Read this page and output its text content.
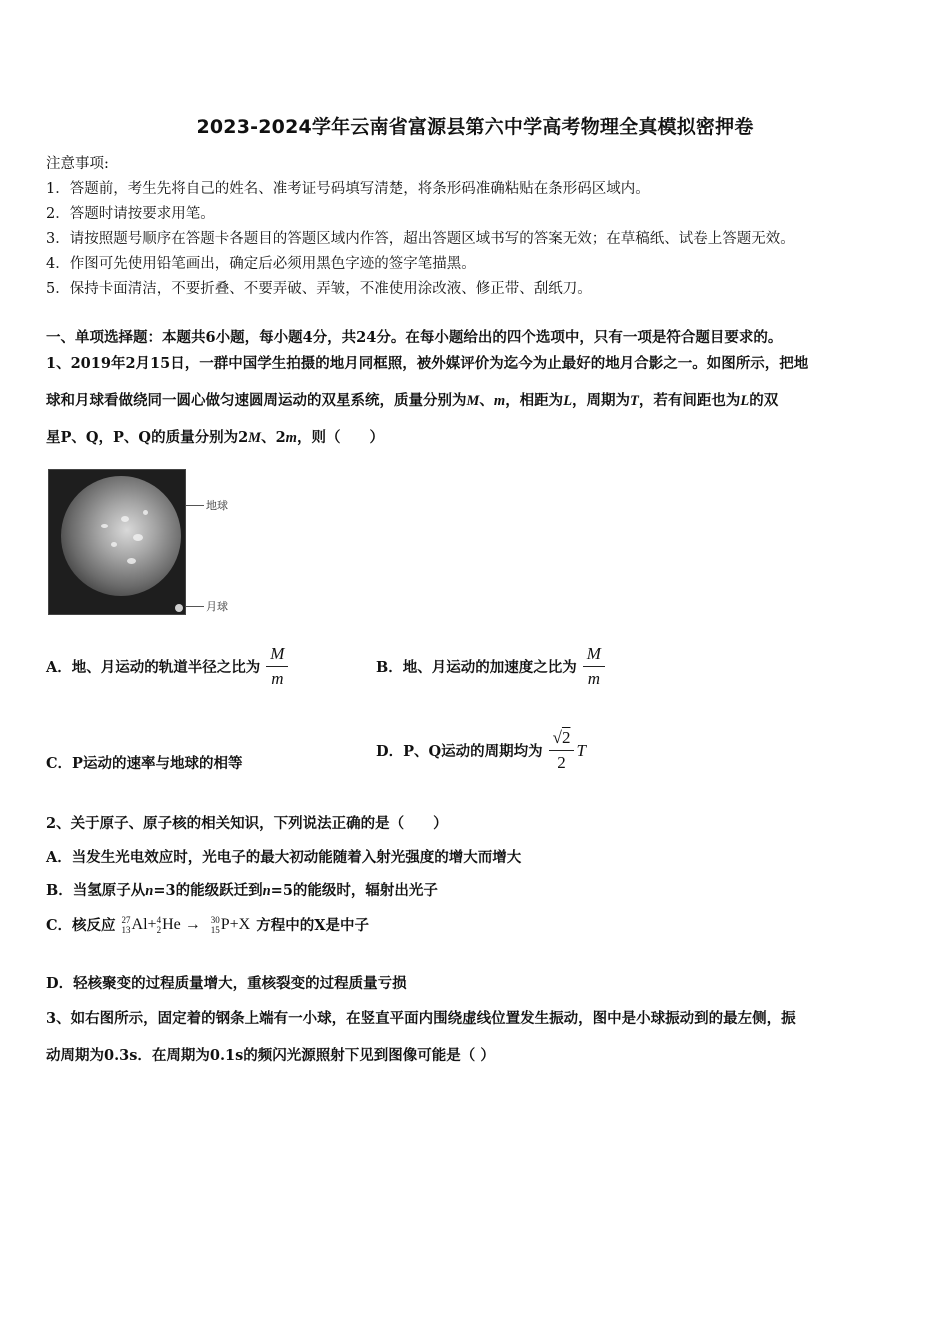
2023-2024学年云南省富源县第六中学高考物理全真模拟密押卷
注意事项:
1．答题前，考生先将自己的姓名、准考证号码填写清楚，将条形码准确粘贴在条形码区域内。
2．答题时请按要求用笔。
3．请按照题号顺序在答题卡各题目的答题区域内作答，超出答题区域书写的答案无效；在草稿纸、试卷上答题无效。
4．作图可先使用铅笔画出，确定后必须用黑色字迹的签字笔描黑。
5．保持卡面清洁，不要折叠、不要弄破、弄皱，不准使用涂改液、修正带、刮纸刀。
一、单项选择题：本题共6小题，每小题4分，共24分。在每小题给出的四个选项中，只有一项是符合题目要求的。
1、2019年2月15日，一群中国学生拍摄的地月同框照，被外媒评价为迄今为止最好的地月合影之一。如图所示，把地
球和月球看做绕同一圆心做匀速圆周运动的双星系统，质量分别为M、m，相距为L，周期为T，若有间距也为L的双
星P、Q，P、Q的质量分别为2M、2m，则（　　）
地球
月球
A．地、月运动的轨道半径之比为 $\frac{M}{m}$	B．地、月运动的加速度之比为 $\frac{M}{m}$
C．P运动的速率与地球的相等
D．P、Q运动的周期均为 $\frac{√2}{2}$ T
2、关于原子、原子核的相关知识，下列说法正确的是（　　）
A．当发生光电效应时，光电子的最大初动能随着入射光强度的增大而增大
B．当氢原子从n=3的能级跃迁到n=5的能级时，辐射出光子
C．核反应 27
13 Al+ 4
2 He → 30
15 P+X 方程中的X是中子
D．轻核聚变的过程质量增大，重核裂变的过程质量亏损
3、如右图所示，固定着的钢条上端有一小球，在竖直平面内围绕虚线位置发生振动，图中是小球振动到的最左侧，振
动周期为0.3s．在周期为0.1s的频闪光源照射下见到图像可能是（ ）
